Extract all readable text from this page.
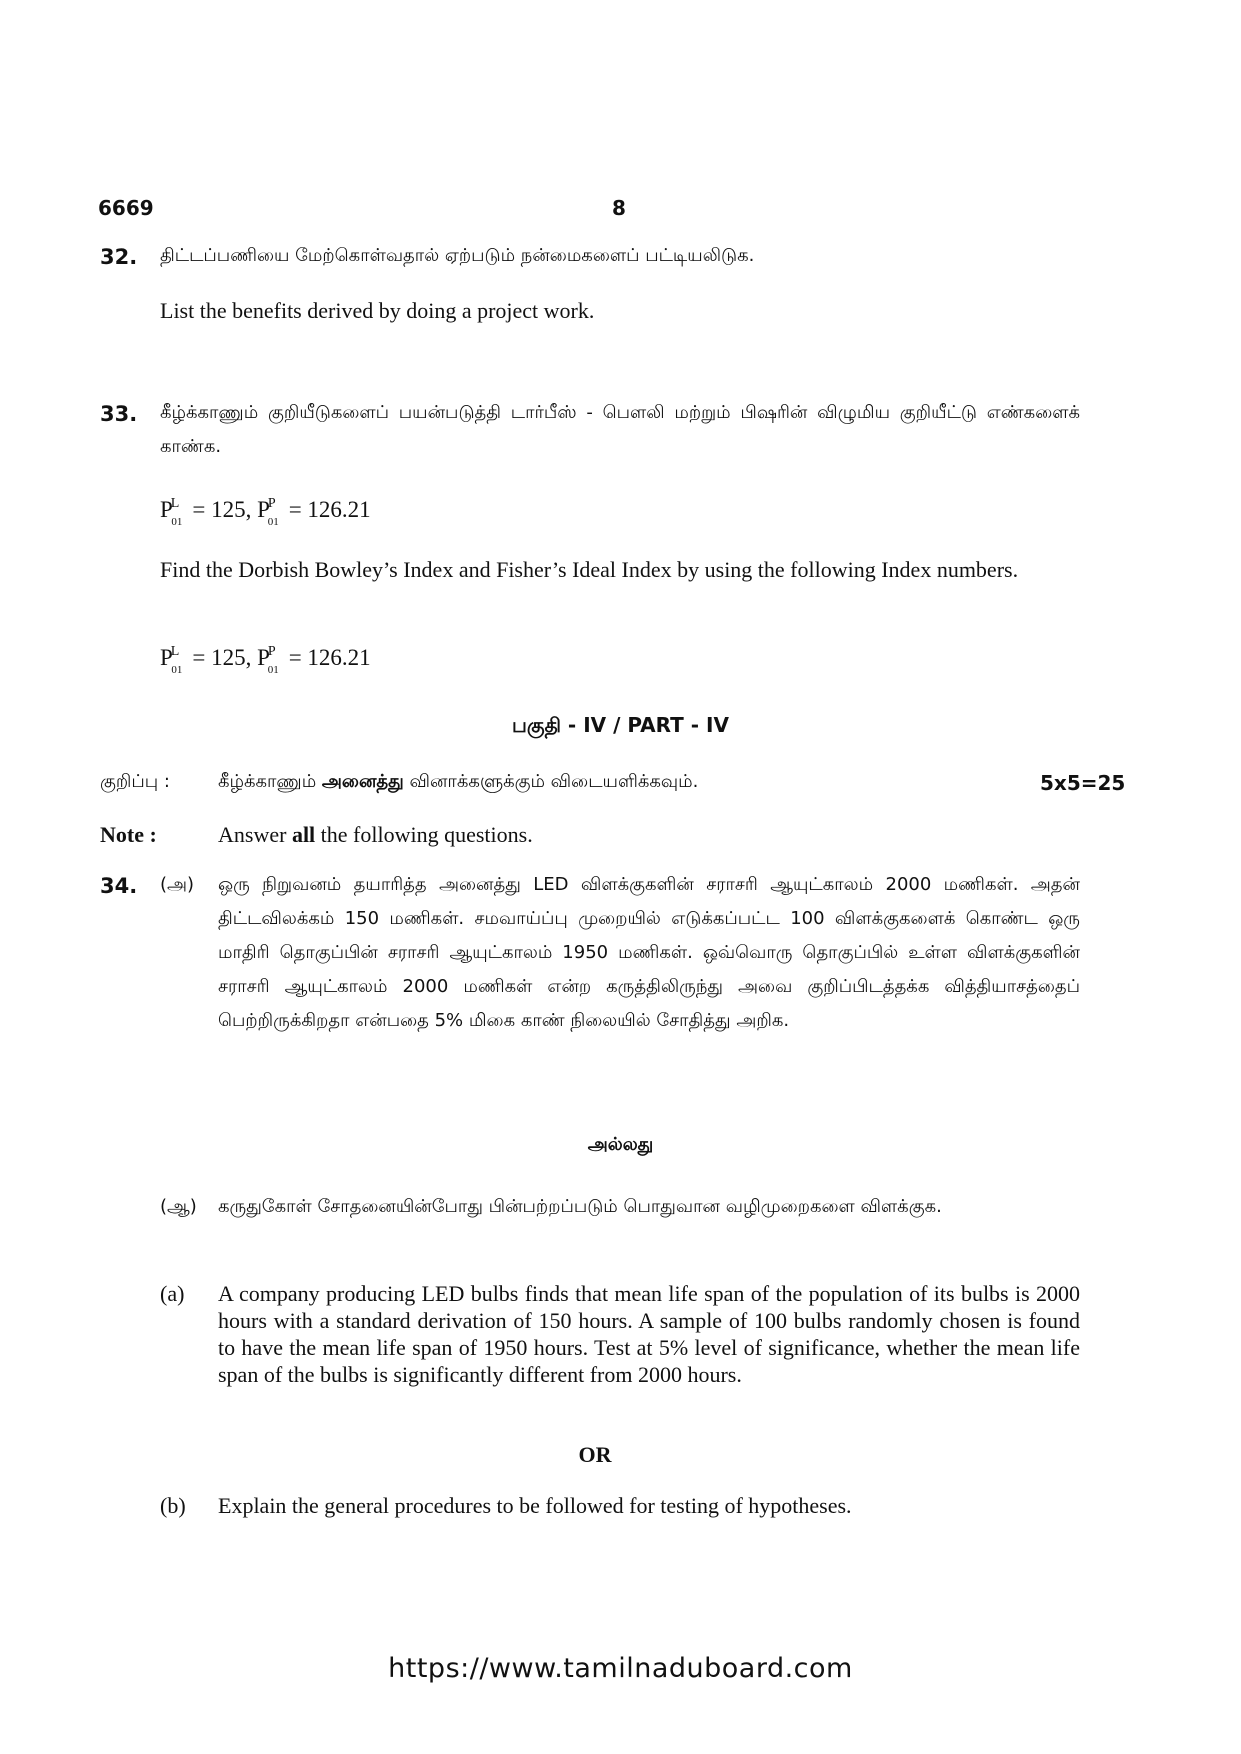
6669	8
32. திட்டப்பணியை மேற்கொள்வதால் ஏற்படும் நன்மைகளைப் பட்டியலிடுக.
List the benefits derived by doing a project work.
33. கீழ்க்காணும் குறியீடுகளைப் பயன்படுத்தி டார்பீஸ் - பௌலி மற்றும் பிஷரின் விழுமிய குறியீட்டு எண்களைக் காண்க.
$P^L_{01} = 125$, $P^P_{01} = 126.21$
Find the Dorbish Bowley’s Index and Fisher’s Ideal Index by using the following Index numbers.
$P^L_{01} = 125$, $P^P_{01} = 126.21$
பகுதி - IV / PART - IV
குறிப்பு :	கீழ்க்காணும் அனைத்து வினாக்களுக்கும் விடையளிக்கவும்.	5x5=25
Note :	Answer all the following questions.
34. (அ) ஒரு நிறுவனம் தயாரித்த அனைத்து LED விளக்குகளின் சராசரி ஆயுட்காலம் 2000 மணிகள். அதன் திட்டவிலக்கம் 150 மணிகள். சமவாய்ப்பு முறையில் எடுக்கப்பட்ட 100 விளக்குகளைக் கொண்ட ஒரு மாதிரி தொகுப்பின் சராசரி ஆயுட்காலம் 1950 மணிகள். ஒவ்வொரு தொகுப்பில் உள்ள விளக்குகளின் சராசரி ஆயுட்காலம் 2000 மணிகள் என்ற கருத்திலிருந்து அவை குறிப்பிடத்தக்க வித்தியாசத்தைப் பெற்றிருக்கிறதா என்பதை 5% மிகை காண் நிலையில் சோதித்து அறிக.
அல்லது
(ஆ) கருதுகோள் சோதனையின்போது பின்பற்றப்படும் பொதுவான வழிமுறைகளை விளக்குக.
(a) A company producing LED bulbs finds that mean life span of the population of its bulbs is 2000 hours with a standard derivation of 150 hours. A sample of 100 bulbs randomly chosen is found to have the mean life span of 1950 hours. Test at 5% level of significance, whether the mean life span of the bulbs is significantly different from 2000 hours.
OR
(b) Explain the general procedures to be followed for testing of hypotheses.
https://www.tamilnaduboard.com
